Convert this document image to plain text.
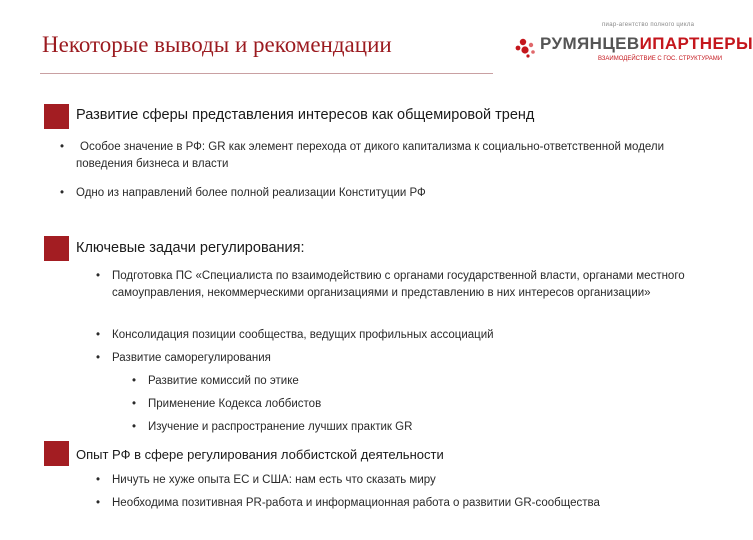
Некоторые выводы и рекомендации
пиар-агентство полного цикла
РУМЯНЦЕВИПАРТНЕРЫ
ВЗАИМОДЕЙСТВИЕ С ГОС. СТРУКТУРАМИ
Развитие сферы представления интересов как общемировой тренд
• Особое значение в РФ: GR как элемент перехода от дикого капитализма к социально-ответственной модели поведения бизнеса и власти
• Одно из направлений более полной реализации Конституции РФ
Ключевые задачи регулирования:
• Подготовка ПС «Специалиста по взаимодействию с органами государственной власти, органами местного самоуправления, некоммерческими организациями и представлению в них интересов организации»
• Консолидация позиции сообщества, ведущих профильных ассоциаций
• Развитие саморегулирования
• Развитие комиссий по этике
• Применение Кодекса лоббистов
• Изучение и распространение лучших практик GR
Опыт РФ в сфере регулирования лоббистской деятельности
• Ничуть не хуже опыта ЕС и США: нам есть что сказать миру
• Необходима позитивная PR-работа и информационная работа о развитии GR-сообщества
